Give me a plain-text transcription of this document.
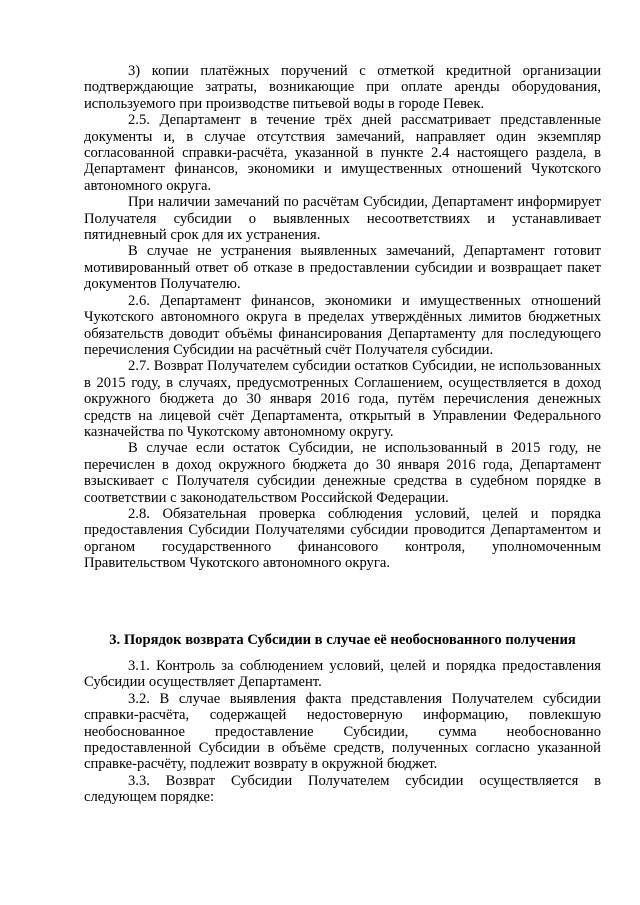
3) копии платёжных поручений с отметкой кредитной организации подтверждающие затраты, возникающие при оплате аренды оборудования, используемого при производстве питьевой воды в городе Певек.

2.5. Департамент в течение трёх дней рассматривает представленные документы и, в случае отсутствия замечаний, направляет один экземпляр согласованной справки-расчёта, указанной в пункте 2.4 настоящего раздела, в Департамент финансов, экономики и имущественных отношений Чукотского автономного округа.

При наличии замечаний по расчётам Субсидии, Департамент информирует Получателя субсидии о выявленных несоответствиях и устанавливает пятидневный срок для их устранения.

В случае не устранения выявленных замечаний, Департамент готовит мотивированный ответ об отказе в предоставлении субсидии и возвращает пакет документов Получателю.

2.6. Департамент финансов, экономики и имущественных отношений Чукотского автономного округа в пределах утверждённых лимитов бюджетных обязательств доводит объёмы финансирования Департаменту для последующего перечисления Субсидии на расчётный счёт Получателя субсидии.

2.7. Возврат Получателем субсидии остатков Субсидии, не использованных в 2015 году, в случаях, предусмотренных Соглашением, осуществляется в доход окружного бюджета до 30 января 2016 года, путём перечисления денежных средств на лицевой счёт Департамента, открытый в Управлении Федерального казначейства по Чукотскому автономному округу.

В случае если остаток Субсидии, не использованный в 2015 году, не перечислен в доход окружного бюджета до 30 января 2016 года, Департамент взыскивает с Получателя субсидии денежные средства в судебном порядке в соответствии с законодательством Российской Федерации.

2.8. Обязательная проверка соблюдения условий, целей и порядка предоставления Субсидии Получателями субсидии проводится Департаментом и органом государственного финансового контроля, уполномоченным Правительством Чукотского автономного округа.

3. Порядок возврата Субсидии в случае её необоснованного получения

3.1. Контроль за соблюдением условий, целей и порядка предоставления Субсидии осуществляет Департамент.

3.2. В случае выявления факта представления Получателем субсидии справки-расчёта, содержащей недостоверную информацию, повлекшую необоснованное предоставление Субсидии, сумма необоснованно предоставленной Субсидии в объёме средств, полученных согласно указанной справке-расчёту, подлежит возврату в окружной бюджет.

3.3. Возврат Субсидии Получателем субсидии осуществляется в следующем порядке:
